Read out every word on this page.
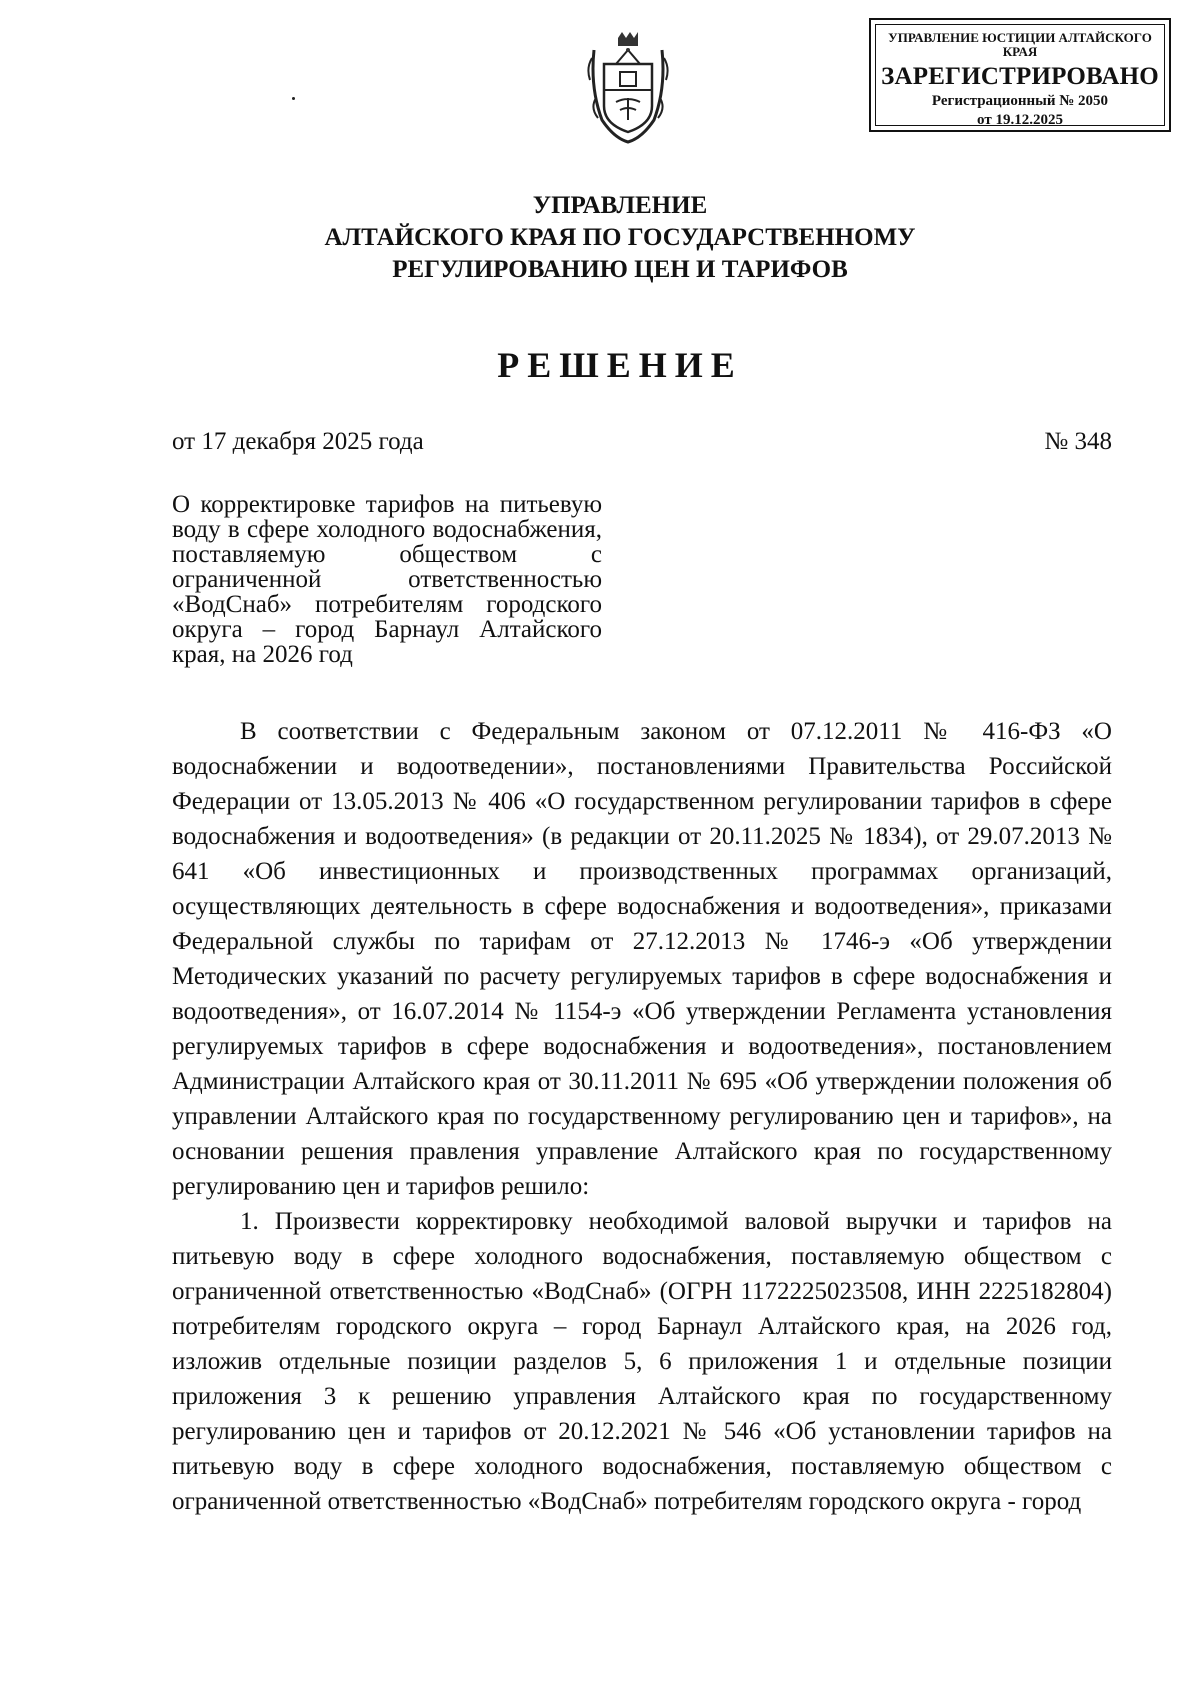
УПРАВЛЕНИЕ ЮСТИЦИИ АЛТАЙСКОГО КРАЯ
ЗАРЕГИСТРИРОВАНО
Регистрационный № 2050
от 19.12.2025
УПРАВЛЕНИЕ
АЛТАЙСКОГО КРАЯ ПО ГОСУДАРСТВЕННОМУ
РЕГУЛИРОВАНИЮ ЦЕН И ТАРИФОВ
РЕШЕНИЕ
от 17 декабря 2025 года	№ 348
О корректировке тарифов на питьевую воду в сфере холодного водоснабжения, поставляемую обществом с ограниченной ответственностью «ВодСнаб» потребителям городского округа – город Барнаул Алтайского края, на 2026 год

В соответствии с Федеральным законом от 07.12.2011 № 416-ФЗ «О водоснабжении и водоотведении», постановлениями Правительства Российской Федерации от 13.05.2013 № 406 «О государственном регулировании тарифов в сфере водоснабжения и водоотведения» (в редакции от 20.11.2025 № 1834), от 29.07.2013 № 641 «Об инвестиционных и производственных программах организаций, осуществляющих деятельность в сфере водоснабжения и водоотведения», приказами Федеральной службы по тарифам от 27.12.2013 № 1746-э «Об утверждении Методических указаний по расчету регулируемых тарифов в сфере водоснабжения и водоотведения», от 16.07.2014 № 1154-э «Об утверждении Регламента установления регулируемых тарифов в сфере водоснабжения и водоотведения», постановлением Администрации Алтайского края от 30.11.2011 № 695 «Об утверждении положения об управлении Алтайского края по государственному регулированию цен и тарифов», на основании решения правления управление Алтайского края по государственному регулированию цен и тарифов решило:

1. Произвести корректировку необходимой валовой выручки и тарифов на питьевую воду в сфере холодного водоснабжения, поставляемую обществом с ограниченной ответственностью «ВодСнаб» (ОГРН 1172225023508, ИНН 2225182804) потребителям городского округа – город Барнаул Алтайского края, на 2026 год, изложив отдельные позиции разделов 5, 6 приложения 1 и отдельные позиции приложения 3 к решению управления Алтайского края по государственному регулированию цен и тарифов от 20.12.2021 № 546 «Об установлении тарифов на питьевую воду в сфере холодного водоснабжения, поставляемую обществом с ограниченной ответственностью «ВодСнаб» потребителям городского округа - город
